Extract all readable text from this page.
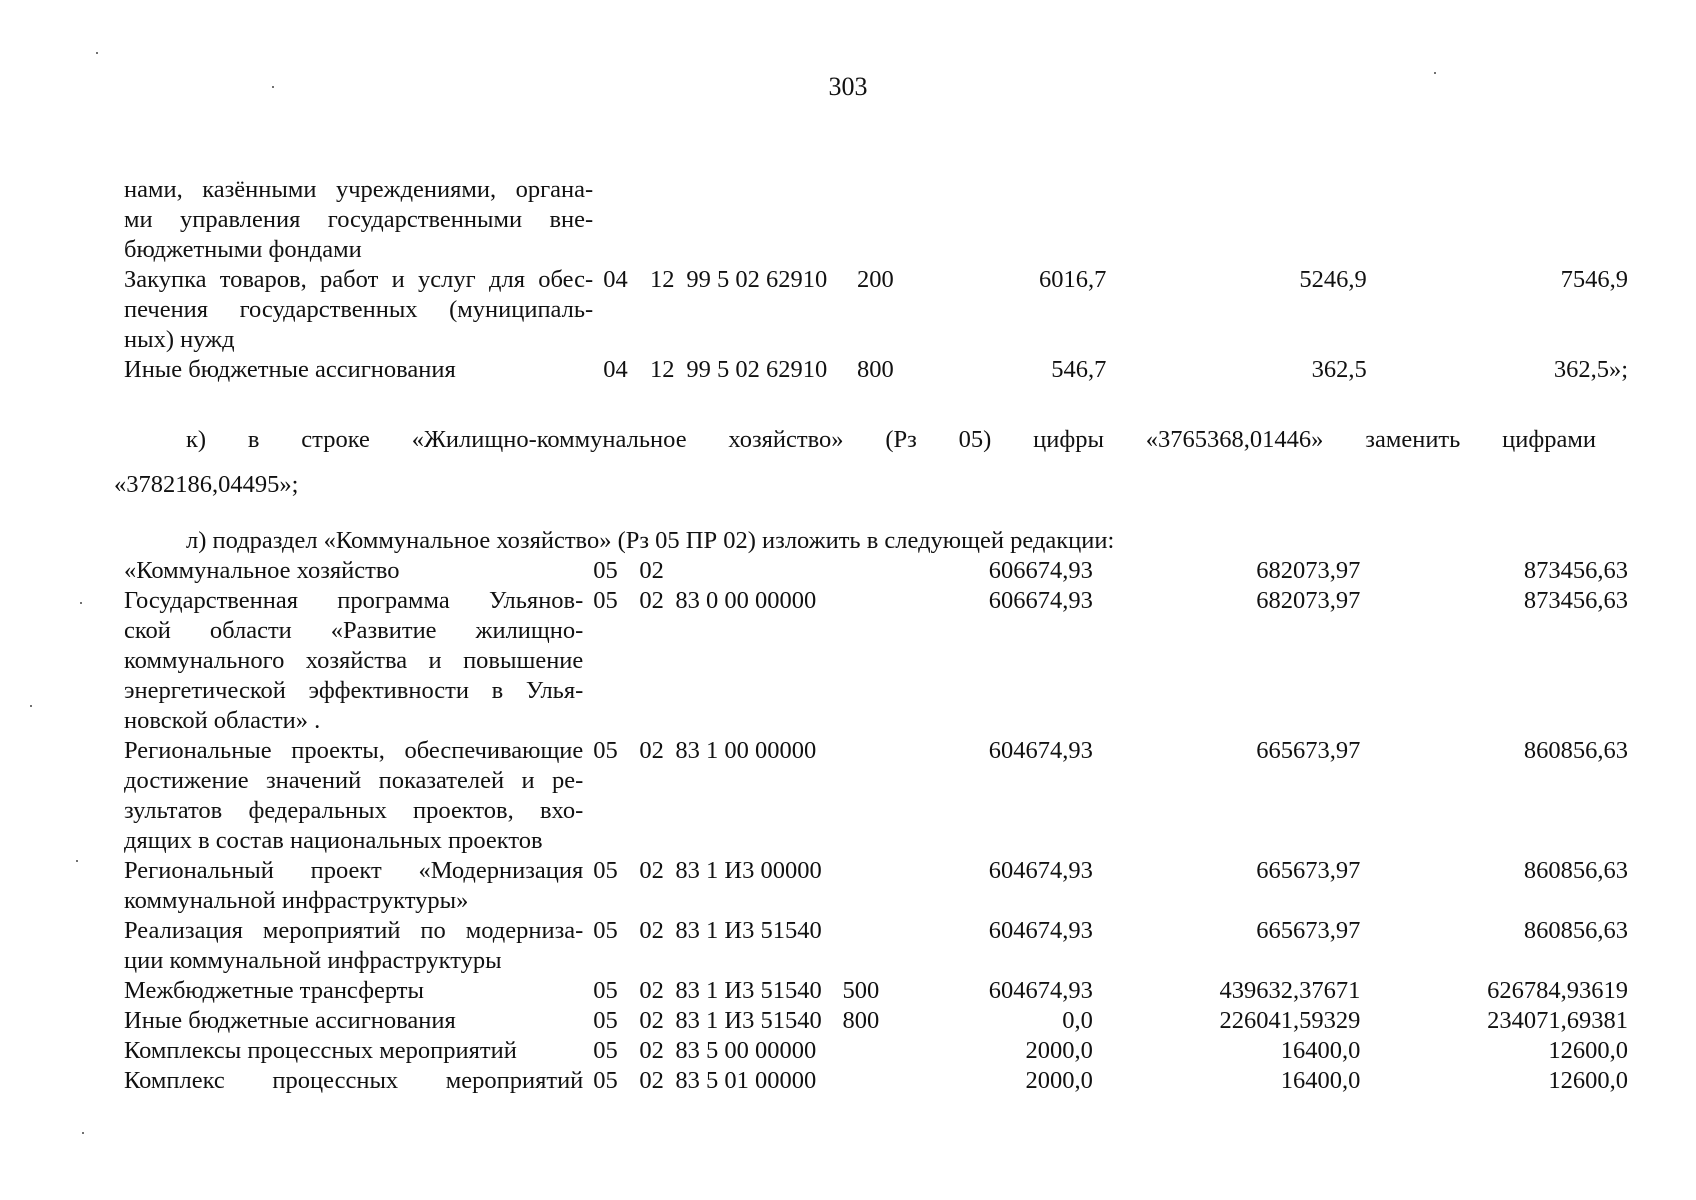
303
нами, казёнными учреждениями, органа-							
ми управления государственными вне-							
бюджетными фондами							
Закупка товаров, работ и услуг для обес-	04	12	99 5 02 62910	200	6016,7	5246,9	7546,9
печения государственных (муниципаль-							
ных) нужд							
Иные бюджетные ассигнования	04	12	99 5 02 62910	800	546,7	362,5	362,5»;
к) в строке «Жилищно-коммунальное хозяйство» (Рз 05) цифры «3765368,01446» заменить цифрами
«3782186,04495»;
л) подраздел «Коммунальное хозяйство» (Рз 05 ПР 02) изложить в следующей редакции:
«Коммунальное хозяйство	05	02			606674,93	682073,97	873456,63
Государственная программа Ульянов-	05	02	83 0 00 00000		606674,93	682073,97	873456,63
ской области «Развитие жилищно-							
коммунального хозяйства и повышение							
энергетической эффективности в Улья-							
новской области» .							
Региональные проекты, обеспечивающие	05	02	83 1 00 00000		604674,93	665673,97	860856,63
достижение значений показателей и ре-							
зультатов федеральных проектов, вхо-							
дящих в состав национальных проектов							
Региональный проект «Модернизация	05	02	83 1 И3 00000		604674,93	665673,97	860856,63
коммунальной инфраструктуры»							
Реализация мероприятий по модерниза-	05	02	83 1 И3 51540		604674,93	665673,97	860856,63
ции коммунальной инфраструктуры							
Межбюджетные трансферты	05	02	83 1 И3 51540	500	604674,93	439632,37671	626784,93619
Иные бюджетные ассигнования	05	02	83 1 И3 51540	800	0,0	226041,59329	234071,69381
Комплексы процессных мероприятий	05	02	83 5 00 00000		2000,0	16400,0	12600,0
Комплекс процессных мероприятий	05	02	83 5 01 00000		2000,0	16400,0	12600,0
